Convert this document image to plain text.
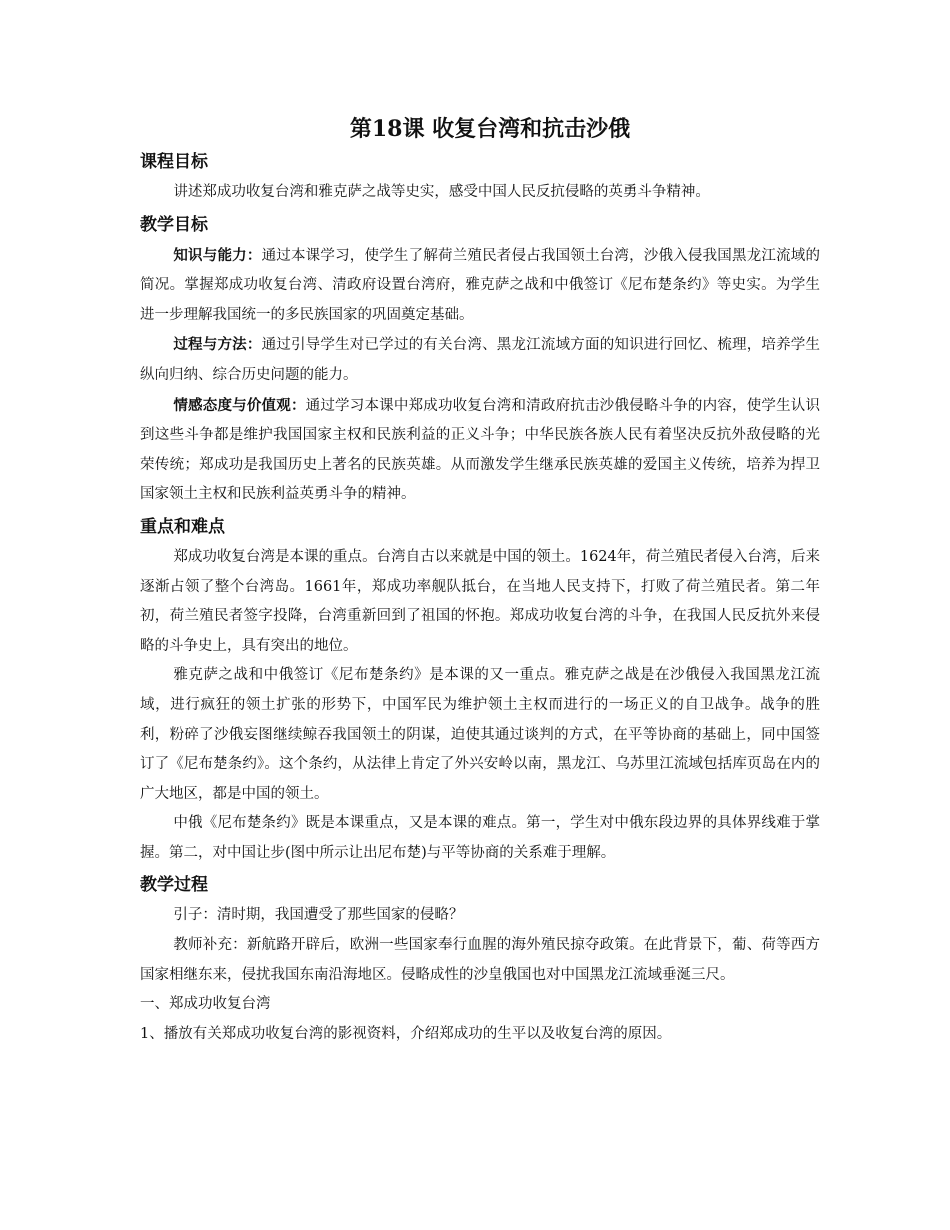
第18课 收复台湾和抗击沙俄
课程目标

讲述郑成功收复台湾和雅克萨之战等史实，感受中国人民反抗侵略的英勇斗争精神。

教学目标

知识与能力：通过本课学习，使学生了解荷兰殖民者侵占我国领土台湾，沙俄入侵我国黑龙江流域的简况。掌握郑成功收复台湾、清政府设置台湾府，雅克萨之战和中俄签订《尼布楚条约》等史实。为学生进一步理解我国统一的多民族国家的巩固奠定基础。

过程与方法：通过引导学生对已学过的有关台湾、黑龙江流域方面的知识进行回忆、梳理，培养学生纵向归纳、综合历史问题的能力。

情感态度与价值观：通过学习本课中郑成功收复台湾和清政府抗击沙俄侵略斗争的内容，使学生认识到这些斗争都是维护我国国家主权和民族利益的正义斗争；中华民族各族人民有着坚决反抗外敌侵略的光荣传统；郑成功是我国历史上著名的民族英雄。从而激发学生继承民族英雄的爱国主义传统，培养为捍卫国家领土主权和民族利益英勇斗争的精神。

重点和难点

郑成功收复台湾是本课的重点。台湾自古以来就是中国的领土。1624年，荷兰殖民者侵入台湾，后来逐渐占领了整个台湾岛。1661年，郑成功率舰队抵台，在当地人民支持下，打败了荷兰殖民者。第二年初，荷兰殖民者签字投降，台湾重新回到了祖国的怀抱。郑成功收复台湾的斗争，在我国人民反抗外来侵略的斗争史上，具有突出的地位。

雅克萨之战和中俄签订《尼布楚条约》是本课的又一重点。雅克萨之战是在沙俄侵入我国黑龙江流域，进行疯狂的领土扩张的形势下，中国军民为维护领土主权而进行的一场正义的自卫战争。战争的胜利，粉碎了沙俄妄图继续鲸吞我国领土的阴谋，迫使其通过谈判的方式，在平等协商的基础上，同中国签订了《尼布楚条约》。这个条约，从法律上肯定了外兴安岭以南，黑龙江、乌苏里江流域包括库页岛在内的广大地区，都是中国的领土。

中俄《尼布楚条约》既是本课重点，又是本课的难点。第一，学生对中俄东段边界的具体界线难于掌握。第二，对中国让步(图中所示让出尼布楚)与平等协商的关系难于理解。

教学过程

引子：清时期，我国遭受了那些国家的侵略？

教师补充：新航路开辟后，欧洲一些国家奉行血腥的海外殖民掠夺政策。在此背景下，葡、荷等西方国家相继东来，侵扰我国东南沿海地区。侵略成性的沙皇俄国也对中国黑龙江流域垂涎三尺。

一、郑成功收复台湾

1、播放有关郑成功收复台湾的影视资料，介绍郑成功的生平以及收复台湾的原因。
